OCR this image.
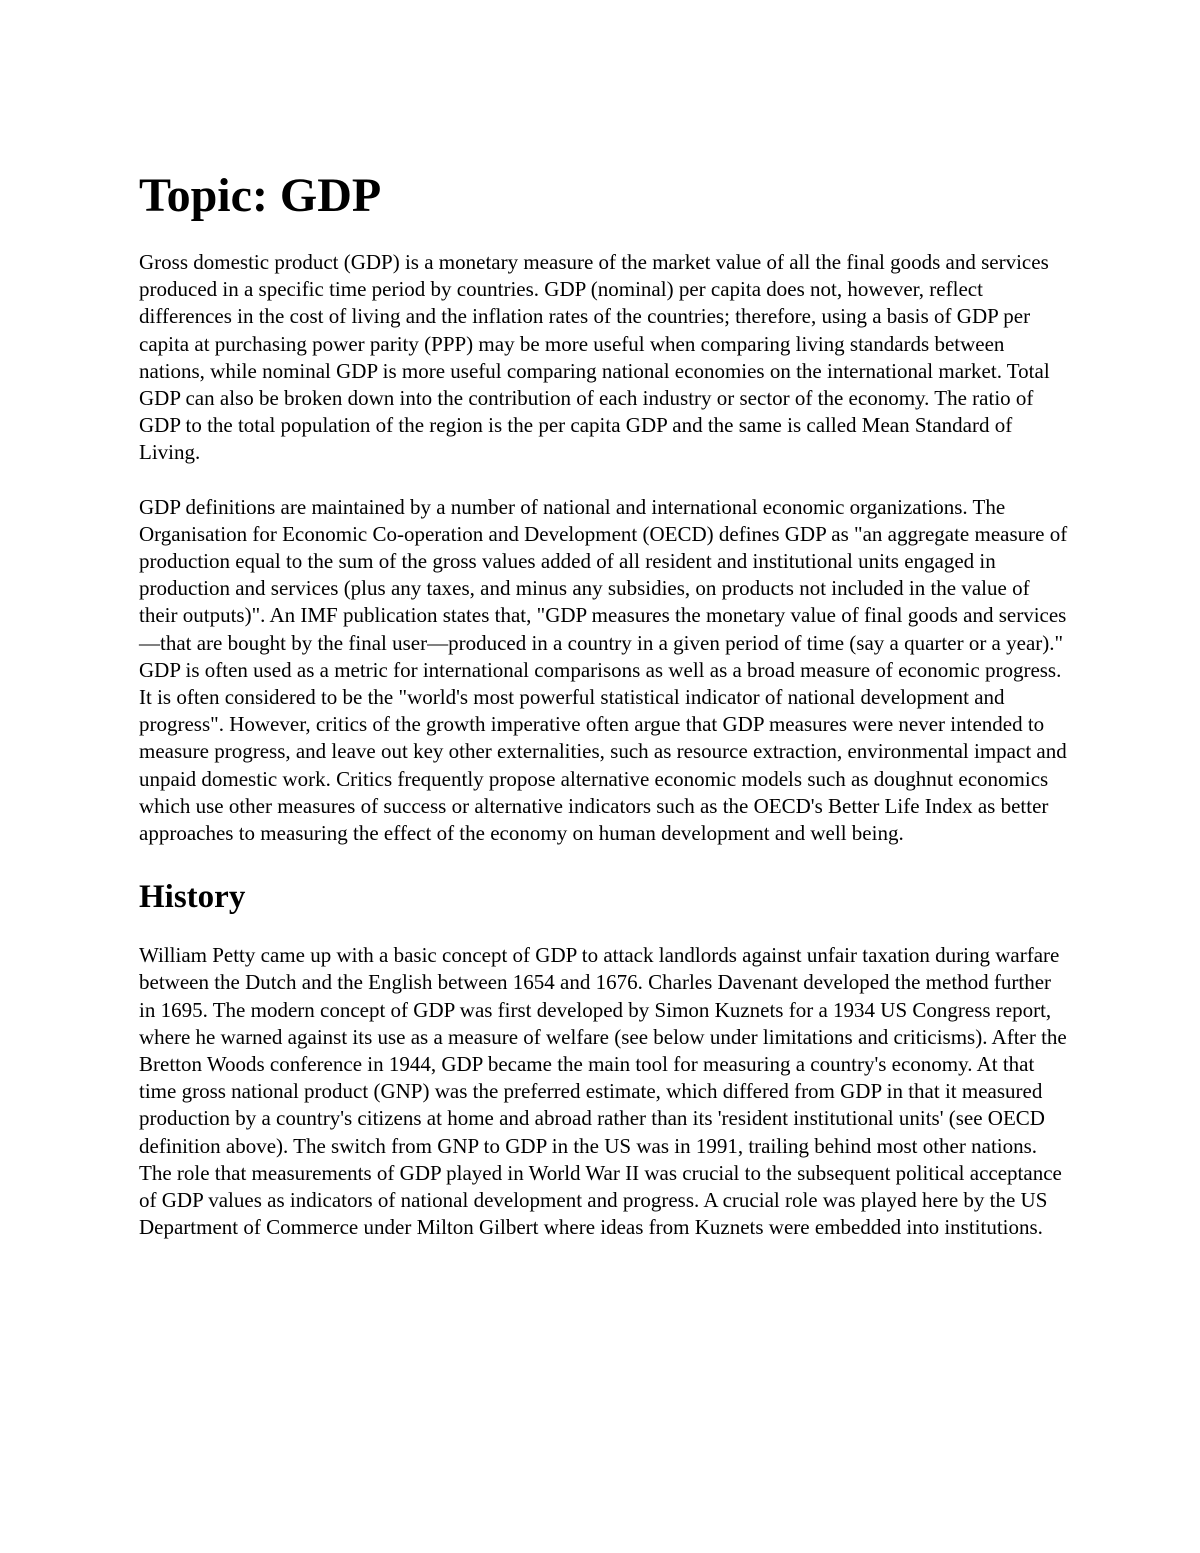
Topic: GDP

Gross domestic product (GDP) is a monetary measure of the market value of all the final goods and services produced in a specific time period by countries. GDP (nominal) per capita does not, however, reflect differences in the cost of living and the inflation rates of the countries; therefore, using a basis of GDP per capita at purchasing power parity (PPP) may be more useful when comparing living standards between nations, while nominal GDP is more useful comparing national economies on the international market. Total GDP can also be broken down into the contribution of each industry or sector of the economy. The ratio of GDP to the total population of the region is the per capita GDP and the same is called Mean Standard of Living.

GDP definitions are maintained by a number of national and international economic organizations. The Organisation for Economic Co-operation and Development (OECD) defines GDP as "an aggregate measure of production equal to the sum of the gross values added of all resident and institutional units engaged in production and services (plus any taxes, and minus any subsidies, on products not included in the value of their outputs)". An IMF publication states that, "GDP measures the monetary value of final goods and services—that are bought by the final user—produced in a country in a given period of time (say a quarter or a year)." GDP is often used as a metric for international comparisons as well as a broad measure of economic progress. It is often considered to be the "world's most powerful statistical indicator of national development and progress". However, critics of the growth imperative often argue that GDP measures were never intended to measure progress, and leave out key other externalities, such as resource extraction, environmental impact and unpaid domestic work. Critics frequently propose alternative economic models such as doughnut economics which use other measures of success or alternative indicators such as the OECD's Better Life Index as better approaches to measuring the effect of the economy on human development and well being.

History

William Petty came up with a basic concept of GDP to attack landlords against unfair taxation during warfare between the Dutch and the English between 1654 and 1676. Charles Davenant developed the method further in 1695. The modern concept of GDP was first developed by Simon Kuznets for a 1934 US Congress report, where he warned against its use as a measure of welfare (see below under limitations and criticisms). After the Bretton Woods conference in 1944, GDP became the main tool for measuring a country's economy. At that time gross national product (GNP) was the preferred estimate, which differed from GDP in that it measured production by a country's citizens at home and abroad rather than its 'resident institutional units' (see OECD definition above). The switch from GNP to GDP in the US was in 1991, trailing behind most other nations. The role that measurements of GDP played in World War II was crucial to the subsequent political acceptance of GDP values as indicators of national development and progress. A crucial role was played here by the US Department of Commerce under Milton Gilbert where ideas from Kuznets were embedded into institutions.
